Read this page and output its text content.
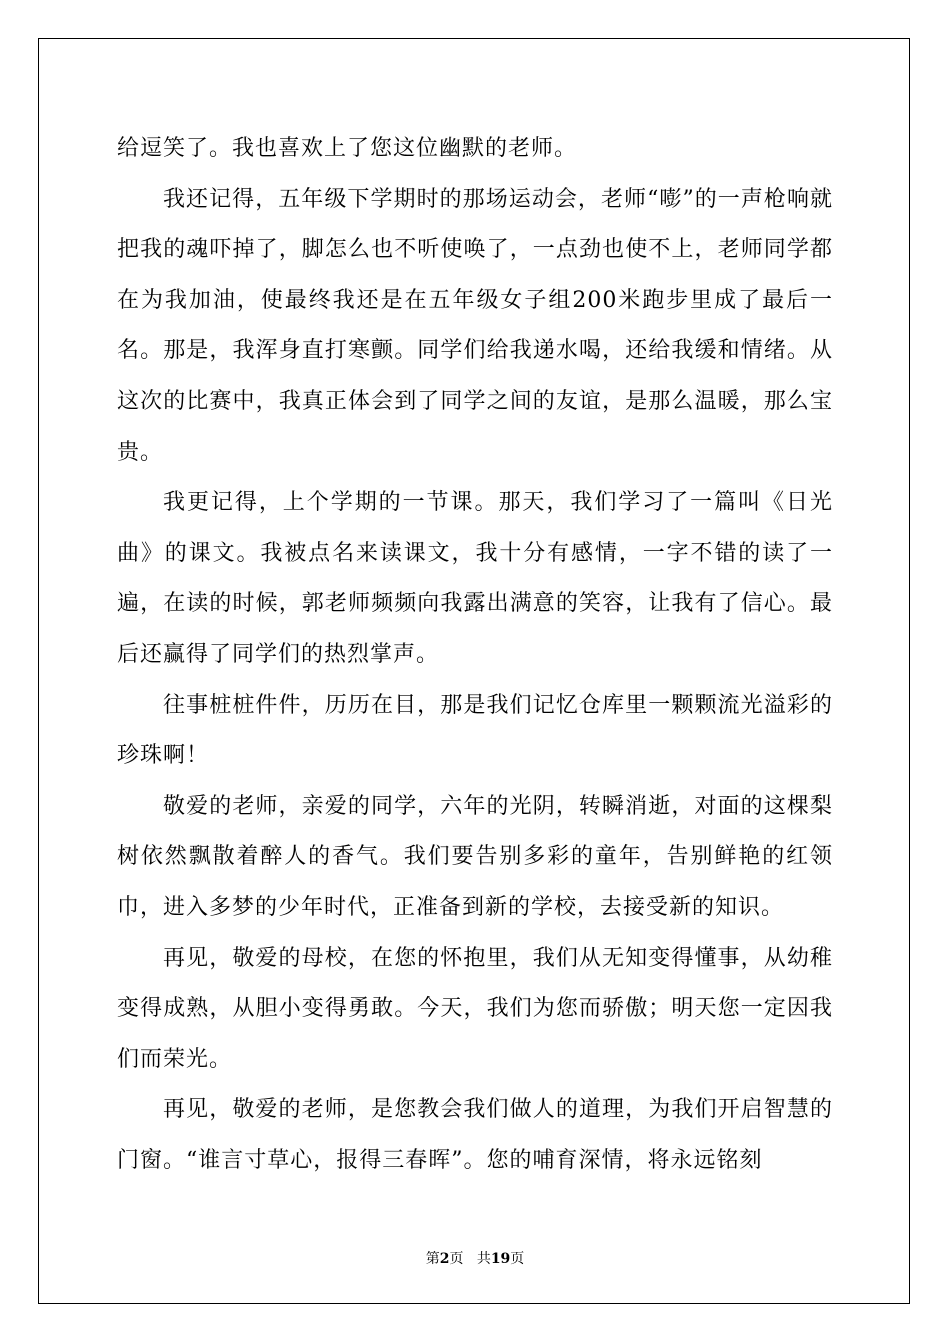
给逗笑了。我也喜欢上了您这位幽默的老师。

我还记得，五年级下学期时的那场运动会，老师“嘭”的一声枪响就把我的魂吓掉了，脚怎么也不听使唤了，一点劲也使不上，老师同学都在为我加油，使最终我还是在五年级女子组200米跑步里成了最后一名。那是，我浑身直打寒颤。同学们给我递水喝，还给我缓和情绪。从这次的比赛中，我真正体会到了同学之间的友谊，是那么温暖，那么宝贵。

我更记得，上个学期的一节课。那天，我们学习了一篇叫《日光曲》的课文。我被点名来读课文，我十分有感情，一字不错的读了一遍，在读的时候，郭老师频频向我露出满意的笑容，让我有了信心。最后还赢得了同学们的热烈掌声。

往事桩桩件件，历历在目，那是我们记忆仓库里一颗颗流光溢彩的珍珠啊！

敬爱的老师，亲爱的同学，六年的光阴，转瞬消逝，对面的这棵梨树依然飘散着醉人的香气。我们要告别多彩的童年，告别鲜艳的红领巾，进入多梦的少年时代，正准备到新的学校，去接受新的知识。

再见，敬爱的母校，在您的怀抱里，我们从无知变得懂事，从幼稚变得成熟，从胆小变得勇敢。今天，我们为您而骄傲；明天您一定因我们而荣光。

再见，敬爱的老师，是您教会我们做人的道理，为我们开启智慧的门窗。“谁言寸草心，报得三春晖”。您的哺育深情，将永远铭刻

第2页 共19页
